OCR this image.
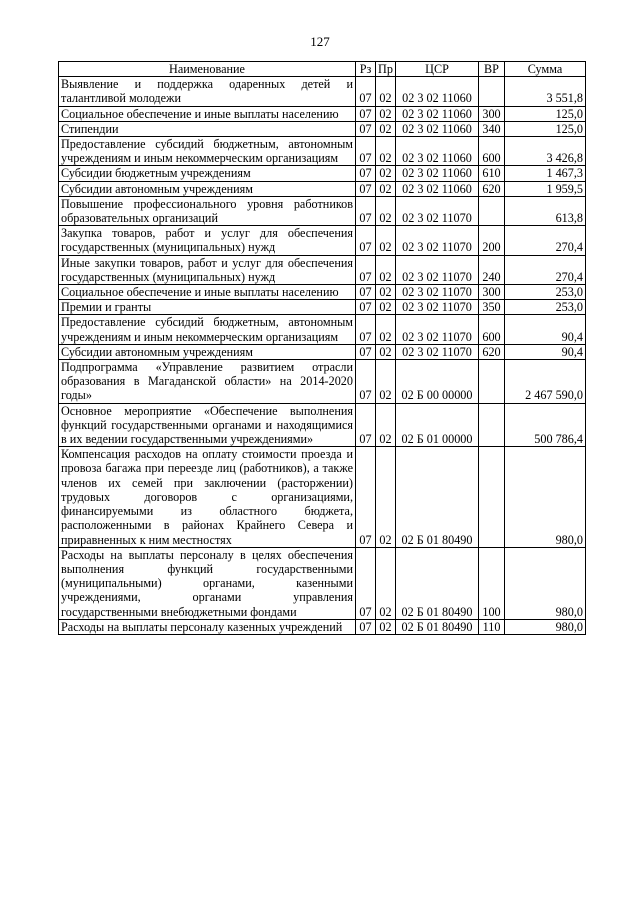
127
Наименование	Рз	Пр	ЦСР	ВР	Сумма
Выявление и поддержка одаренных детей и талантливой молодежи	07	02	02 3 02 11060		3 551,8
Социальное обеспечение и иные выплаты населению	07	02	02 3 02 11060	300	125,0
Стипендии	07	02	02 3 02 11060	340	125,0
Предоставление субсидий бюджетным, автономным учреждениям и иным некоммерческим организациям	07	02	02 3 02 11060	600	3 426,8
Субсидии бюджетным учреждениям	07	02	02 3 02 11060	610	1 467,3
Субсидии автономным учреждениям	07	02	02 3 02 11060	620	1 959,5
Повышение профессионального уровня работников образовательных организаций	07	02	02 3 02 11070		613,8
Закупка товаров, работ и услуг для обеспечения государственных (муниципальных) нужд	07	02	02 3 02 11070	200	270,4
Иные закупки товаров, работ и услуг для обеспечения государственных (муниципальных) нужд	07	02	02 3 02 11070	240	270,4
Социальное обеспечение и иные выплаты населению	07	02	02 3 02 11070	300	253,0
Премии и гранты	07	02	02 3 02 11070	350	253,0
Предоставление субсидий бюджетным, автономным учреждениям и иным некоммерческим организациям	07	02	02 3 02 11070	600	90,4
Субсидии автономным учреждениям	07	02	02 3 02 11070	620	90,4
Подпрограмма «Управление развитием отрасли образования в Магаданской области» на 2014-2020 годы»	07	02	02 Б 00 00000		2 467 590,0
Основное мероприятие «Обеспечение выполнения функций государственными органами и находящимися в их ведении государственными учреждениями»	07	02	02 Б 01 00000		500 786,4
Компенсация расходов на оплату стоимости проезда и провоза багажа при переезде лиц (работников), а также членов их семей при заключении (расторжении) трудовых договоров с организациями, финансируемыми из областного бюджета, расположенными в районах Крайнего Севера и приравненных к ним местностях	07	02	02 Б 01 80490		980,0
Расходы на выплаты персоналу в целях обеспечения выполнения функций государственными (муниципальными) органами, казенными учреждениями, органами управления государственными внебюджетными фондами	07	02	02 Б 01 80490	100	980,0
Расходы на выплаты персоналу казенных учреждений	07	02	02 Б 01 80490	110	980,0
